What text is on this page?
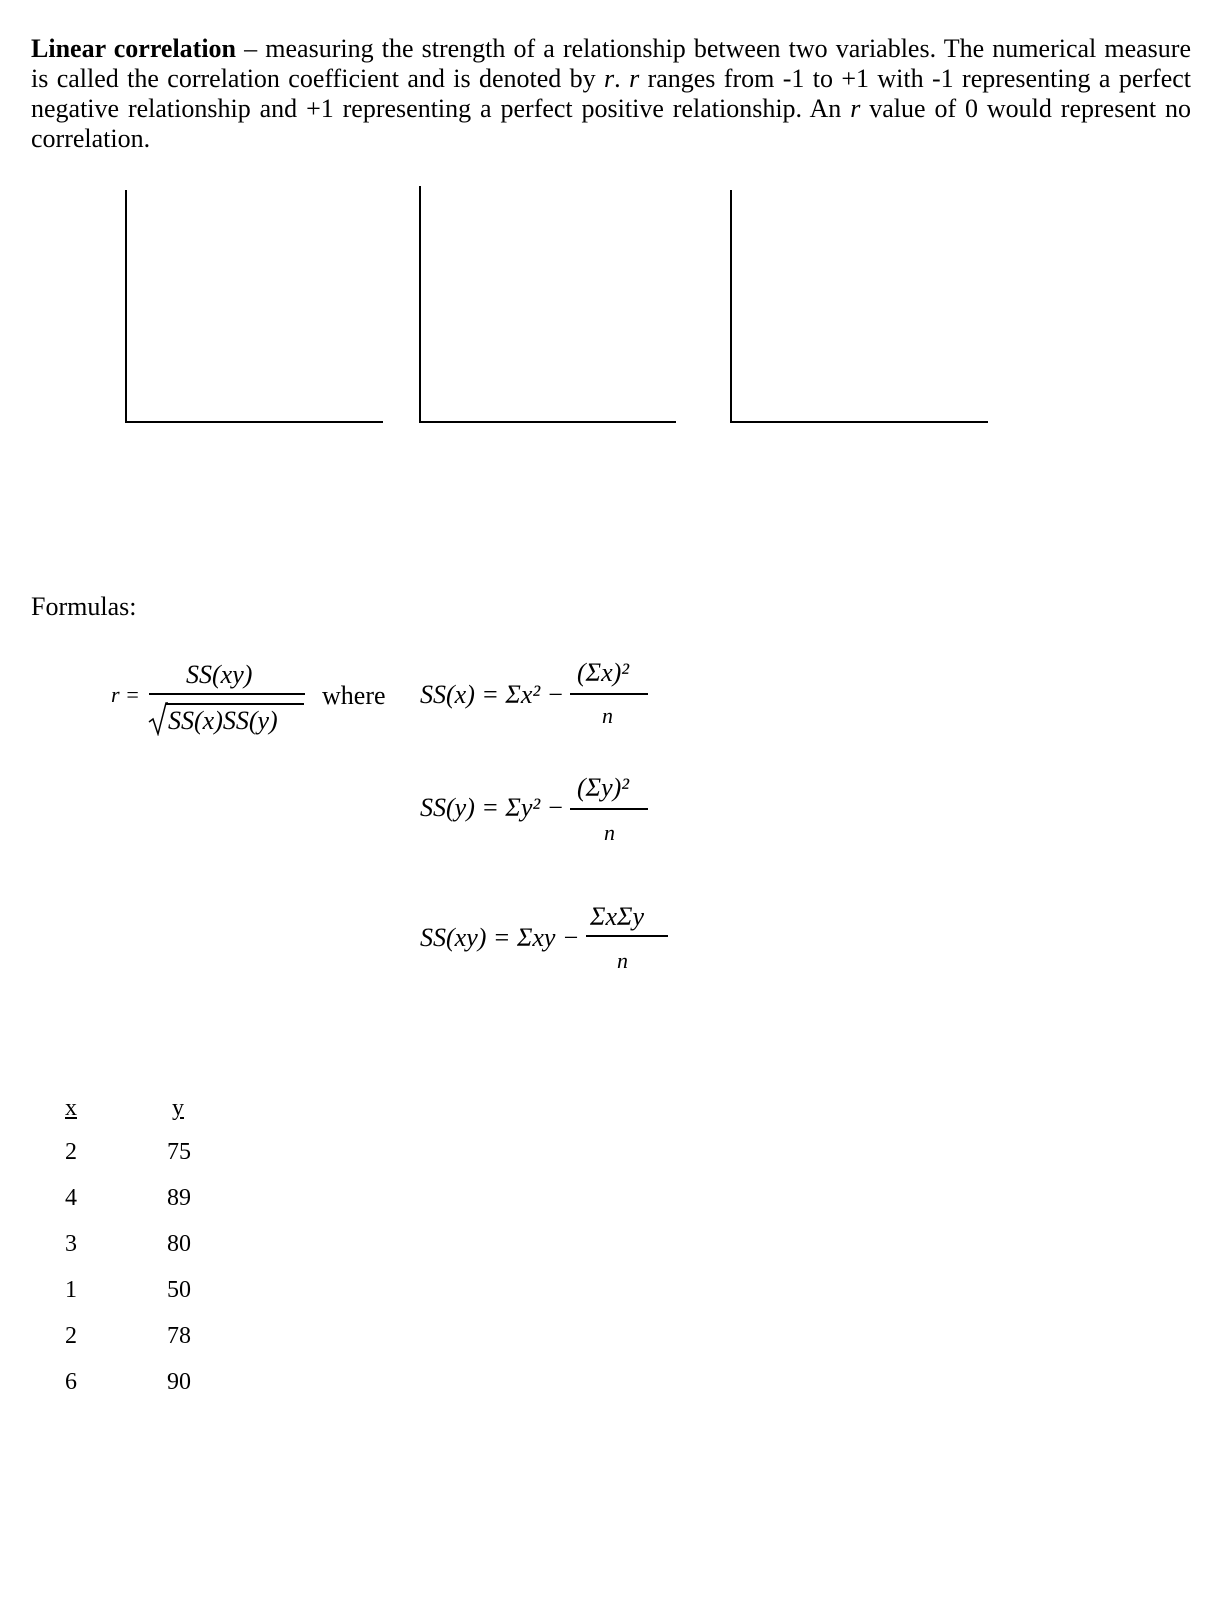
Linear correlation – measuring the strength of a relationship between two variables. The numerical measure is called the correlation coefficient and is denoted by r. r ranges from -1 to +1 with -1 representing a perfect negative relationship and +1 representing a perfect positive relationship. An r value of 0 would represent no correlation.

Formulas:
r =
SS(xy)
SS(x)SS(y)
where SS(x) = Σx² −
(Σx)²
n
SS(y) = Σy² −
(Σy)²
n
SS(xy) = Σxy −
ΣxΣy
n
x	y
2	75
4	89
3	80
1	50
2	78
6	90
